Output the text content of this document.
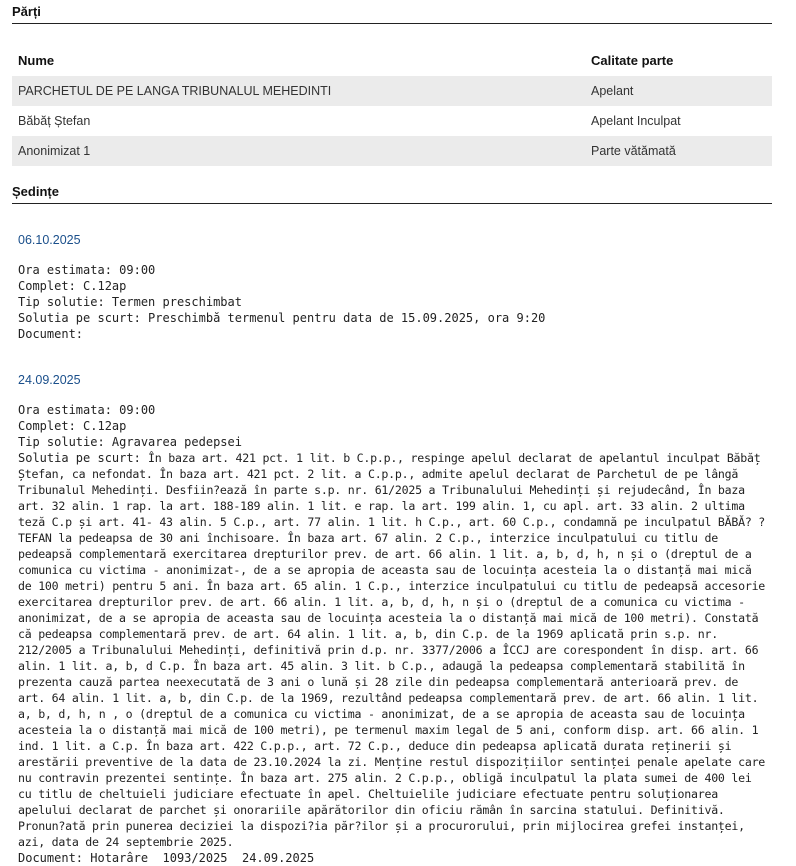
Părți
Nume	Calitate parte
PARCHETUL DE PE LANGA TRIBUNALUL MEHEDINTI	Apelant
Băbăț Ștefan	Apelant Inculpat
Anonimizat 1	Parte vătămată
Ședințe
06.10.2025
Ora estimata: 09:00
Complet: C.12ap
Tip solutie: Termen preschimbat
Solutia pe scurt: Preschimbă termenul pentru data de 15.09.2025, ora 9:20
Document:
24.09.2025
Ora estimata: 09:00
Complet: C.12ap
Tip solutie: Agravarea pedepsei
Solutia pe scurt: În baza art. 421 pct. 1 lit. b C.p.p., respinge apelul declarat de apelantul inculpat Băbăț Ștefan, ca nefondat. În baza art. 421 pct. 2 lit. a C.p.p., admite apelul declarat de Parchetul de pe lângă Tribunalul Mehedinți. Desfiin?ează în parte s.p. nr. 61/2025 a Tribunalului Mehedinți și rejudecând, În baza art. 32 alin. 1 rap. la art. 188-189 alin. 1 lit. e rap. la art. 199 alin. 1, cu apl. art. 33 alin. 2 ultima teză C.p și art. 41- 43 alin. 5 C.p., art. 77 alin. 1 lit. h C.p., art. 60 C.p., condamnă pe inculpatul BĂBĂ? ?TEFAN la pedeapsa de 30 ani închisoare. În baza art. 67 alin. 2 C.p., interzice inculpatului cu titlu de pedeapsă complementară exercitarea drepturilor prev. de art. 66 alin. 1 lit. a, b, d, h, n și o (dreptul de a comunica cu victima - anonimizat-, de a se apropia de aceasta sau de locuința acesteia la o distanță mai mică de 100 metri) pentru 5 ani. În baza art. 65 alin. 1 C.p., interzice inculpatului cu titlu de pedeapsă accesorie exercitarea drepturilor prev. de art. 66 alin. 1 lit. a, b, d, h, n și o (dreptul de a comunica cu victima -anonimizat, de a se apropia de aceasta sau de locuința acesteia la o distanță mai mică de 100 metri). Constată că pedeapsa complementară prev. de art. 64 alin. 1 lit. a, b, din C.p. de la 1969 aplicată prin s.p. nr. 212/2005 a Tribunalului Mehedinți, definitivă prin d.p. nr. 3377/2006 a ÎCCJ are corespondent în disp. art. 66 alin. 1 lit. a, b, d C.p. În baza art. 45 alin. 3 lit. b C.p., adaugă la pedeapsa complementară stabilită în prezenta cauză partea neexecutată de 3 ani o lună și 28 zile din pedeapsa complementară anterioară prev. de art. 64 alin. 1 lit. a, b, din C.p. de la 1969, rezultând pedeapsa complementară prev. de art. 66 alin. 1 lit. a, b, d, h, n , o (dreptul de a comunica cu victima - anonimizat, de a se apropia de aceasta sau de locuința acesteia la o distanță mai mică de 100 metri), pe termenul maxim legal de 5 ani, conform disp. art. 66 alin. 1 ind. 1 lit. a C.p. În baza art. 422 C.p.p., art. 72 C.p., deduce din pedeapsa aplicată durata reținerii și arestării preventive de la data de 23.10.2024 la zi. Menține restul dispozițiilor sentinței penale apelate care nu contravin prezentei sentințe. În baza art. 275 alin. 2 C.p.p., obligă inculpatul la plata sumei de 400 lei cu titlu de cheltuieli judiciare efectuate în apel. Cheltuielile judiciare efectuate pentru soluționarea apelului declarat de parchet și onorariile apărătorilor din oficiu rămân în sarcina statului. Definitivă. Pronun?ată prin punerea deciziei la dispozi?ia păr?ilor și a procurorului, prin mijlocirea grefei instanței, azi, data de 24 septembrie 2025.
Document: Hotarâre  1093/2025  24.09.2025
